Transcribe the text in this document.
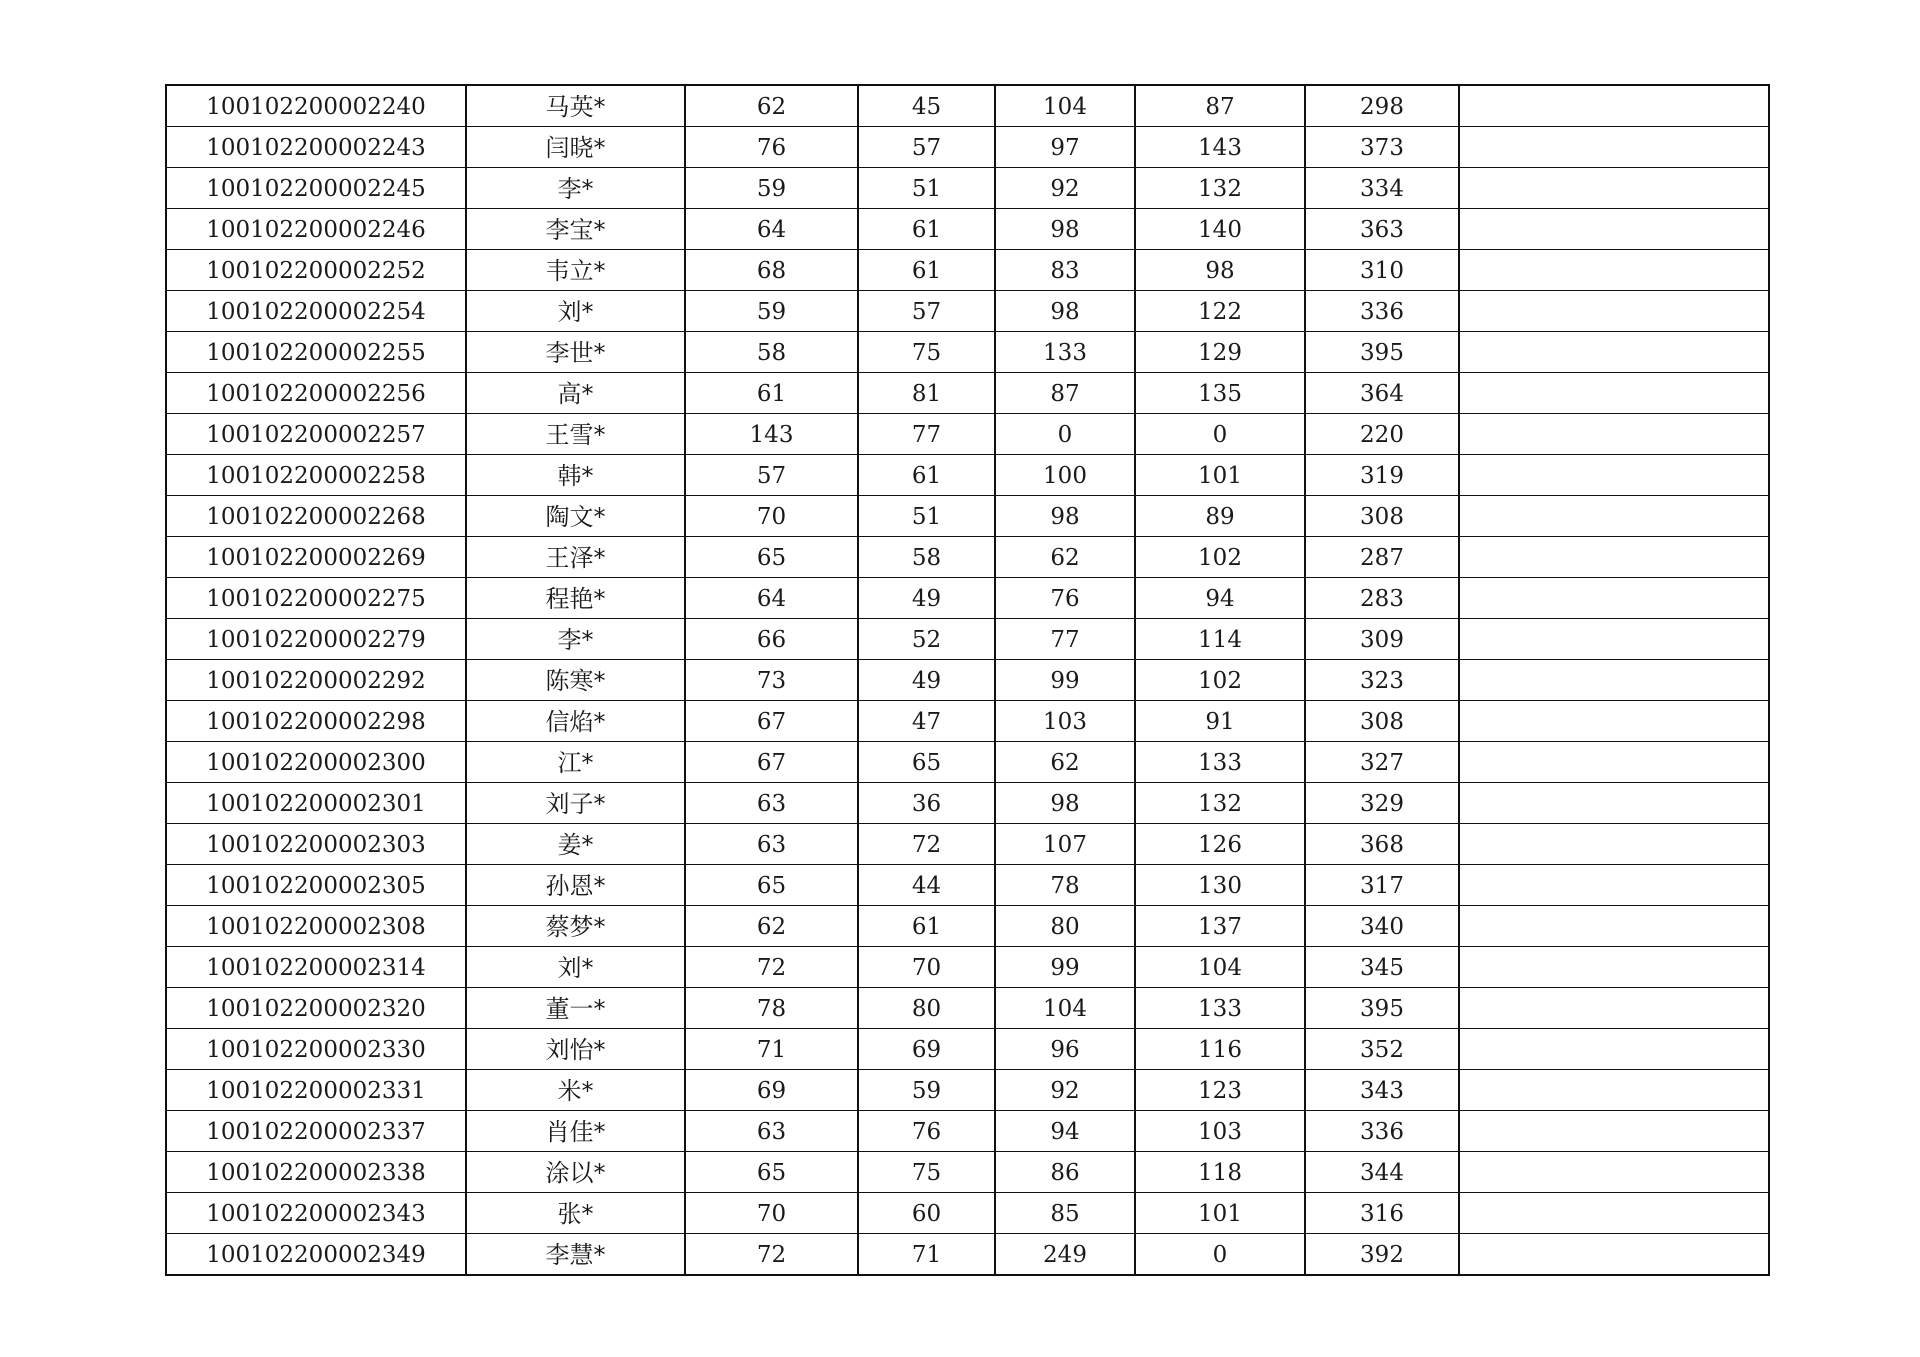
100102200002240	马英*	62	45	104	87	298	
100102200002243	闫晓*	76	57	97	143	373	
100102200002245	李*	59	51	92	132	334	
100102200002246	李宝*	64	61	98	140	363	
100102200002252	韦立*	68	61	83	98	310	
100102200002254	刘*	59	57	98	122	336	
100102200002255	李世*	58	75	133	129	395	
100102200002256	高*	61	81	87	135	364	
100102200002257	王雪*	143	77	0	0	220	
100102200002258	韩*	57	61	100	101	319	
100102200002268	陶文*	70	51	98	89	308	
100102200002269	王泽*	65	58	62	102	287	
100102200002275	程艳*	64	49	76	94	283	
100102200002279	李*	66	52	77	114	309	
100102200002292	陈寒*	73	49	99	102	323	
100102200002298	信焰*	67	47	103	91	308	
100102200002300	江*	67	65	62	133	327	
100102200002301	刘子*	63	36	98	132	329	
100102200002303	姜*	63	72	107	126	368	
100102200002305	孙恩*	65	44	78	130	317	
100102200002308	蔡梦*	62	61	80	137	340	
100102200002314	刘*	72	70	99	104	345	
100102200002320	董一*	78	80	104	133	395	
100102200002330	刘怡*	71	69	96	116	352	
100102200002331	米*	69	59	92	123	343	
100102200002337	肖佳*	63	76	94	103	336	
100102200002338	涂以*	65	75	86	118	344	
100102200002343	张*	70	60	85	101	316	
100102200002349	李慧*	72	71	249	0	392	
